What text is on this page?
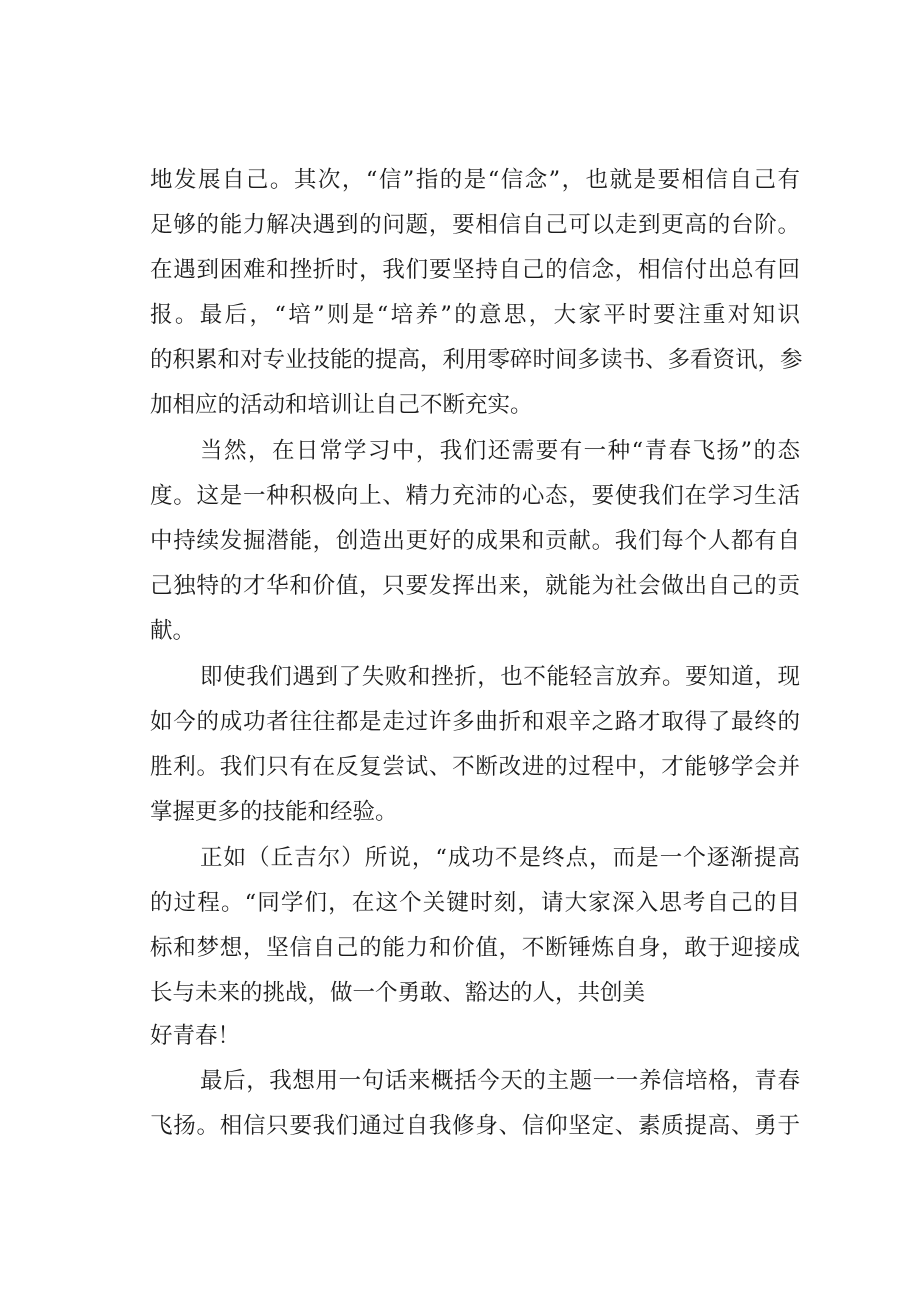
地发展自己。其次，“信”指的是“信念”，也就是要相信自己有
足够的能力解决遇到的问题，要相信自己可以走到更高的台阶。
在遇到困难和挫折时，我们要坚持自己的信念，相信付出总有回
报。最后，“培”则是“培养”的意思，大家平时要注重对知识
的积累和对专业技能的提高，利用零碎时间多读书、多看资讯，参
加相应的活动和培训让自己不断充实。
当然，在日常学习中，我们还需要有一种“青春飞扬”的态
度。这是一种积极向上、精力充沛的心态，要使我们在学习生活
中持续发掘潜能，创造出更好的成果和贡献。我们每个人都有自
己独特的才华和价值，只要发挥出来，就能为社会做出自己的贡
献。
即使我们遇到了失败和挫折，也不能轻言放弃。要知道，现
如今的成功者往往都是走过许多曲折和艰辛之路才取得了最终的
胜利。我们只有在反复尝试、不断改进的过程中，才能够学会并
掌握更多的技能和经验。
正如（丘吉尔）所说，“成功不是终点，而是一个逐渐提高
的过程。“同学们，在这个关键时刻，请大家深入思考自己的目
标和梦想，坚信自己的能力和价值，不断锤炼自身，敢于迎接成
长与未来的挑战，做一个勇敢、豁达的人，共创美
好青春！
最后，我想用一句话来概括今天的主题一一养信培格，青春
飞扬。相信只要我们通过自我修身、信仰坚定、素质提高、勇于
